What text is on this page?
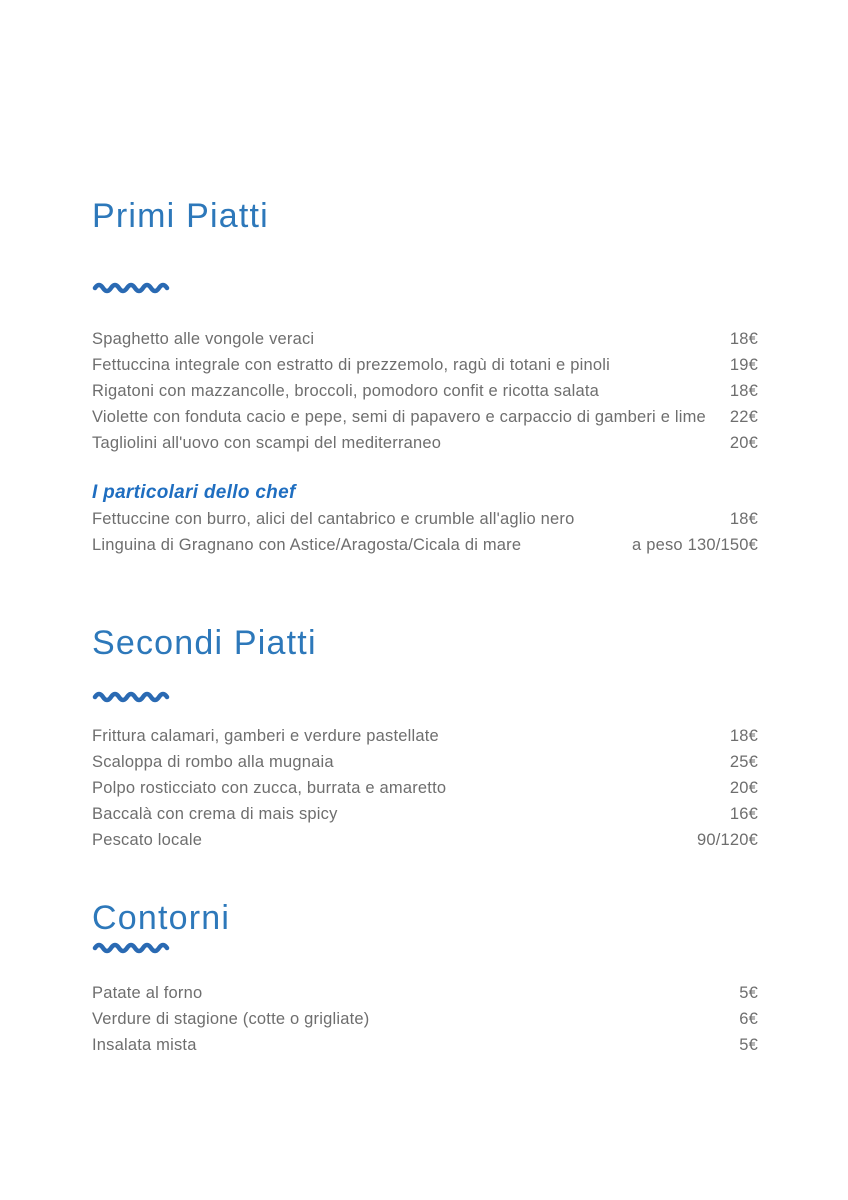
Primi Piatti
Spaghetto alle vongole veraci	18€
Fettuccina integrale con estratto di prezzemolo, ragù di totani e pinoli	19€
Rigatoni con mazzancolle, broccoli, pomodoro confit e ricotta salata	18€
Violette con fonduta cacio e pepe, semi di papavero e carpaccio di gamberi e lime 22€
Tagliolini all'uovo con scampi del mediterraneo	20€
I particolari dello chef
Fettuccine con burro, alici del cantabrico e crumble all'aglio nero	18€
Linguina di Gragnano con Astice/Aragosta/Cicala di mare	a peso 130/150€
Secondi Piatti
Frittura calamari, gamberi e verdure pastellate	18€
Scaloppa di rombo alla mugnaia	25€
Polpo rosticciato con zucca, burrata e amaretto	20€
Baccalà con crema di mais spicy	16€
Pescato locale	90/120€
Contorni
Patate al forno	5€
Verdure di stagione (cotte o grigliate)	6€
Insalata mista	5€
